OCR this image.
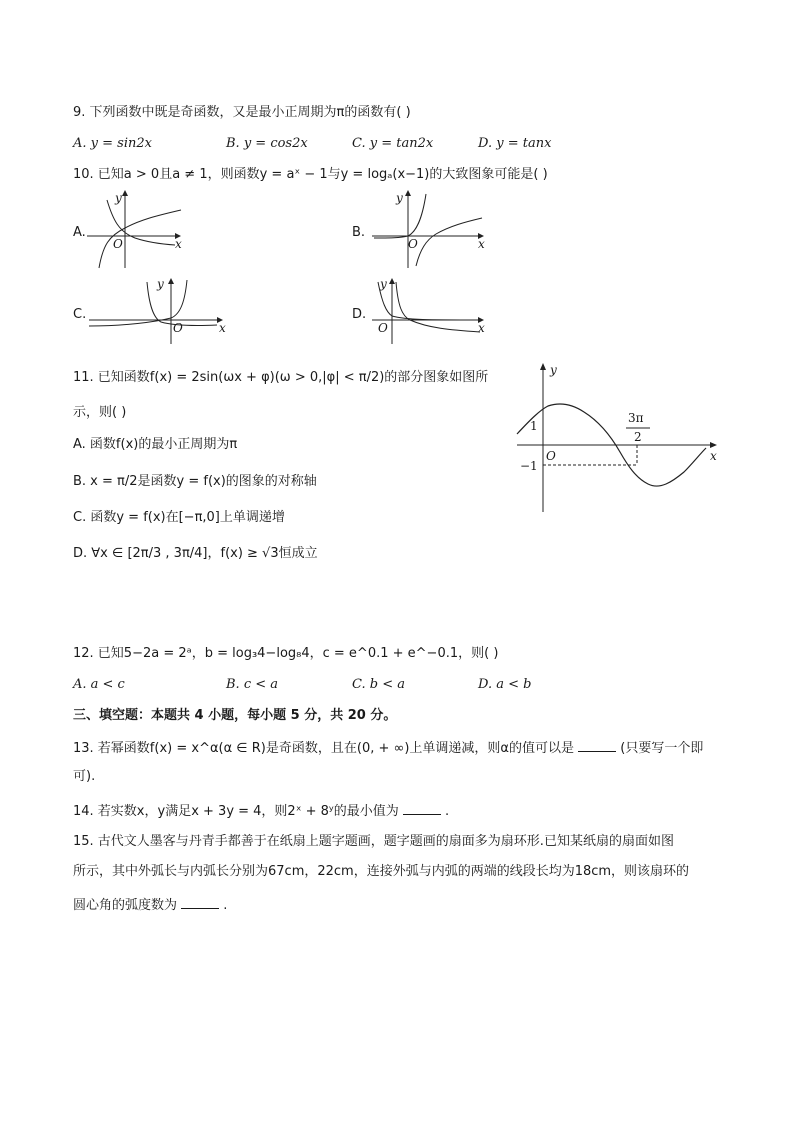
9. 下列函数中既是奇函数，又是最小正周期为π的函数有( )
A. y = sin2x	B. y = cos2x	C. y = tan2x	D. y = tanx
10. 已知a > 0且a ≠ 1，则函数y = aˣ − 1与y = logₐ(x−1)的大致图象可能是( )
A.
y
O	x
B.
y
O	x
C.
y
O	x
D.
y
O	x
11. 已知函数f(x) = 2sin(ωx + φ)(ω > 0,|φ| < π/2)的部分图象如图所
示，则( )
A. 函数f(x)的最小正周期为π
B. x = π/2是函数y = f(x)的图象的对称轴
C. 函数y = f(x)在[−π,0]上单调递增
D. ∀x ∈ [2π/3 , 3π/4]，f(x) ≥ √3恒成立
y
x
O
1
−1
3π
2
12. 已知5−2a = 2ᵃ，b = log₃4−log₈4，c = e^0.1 + e^−0.1，则( )
A. a < c	B. c < a	C. b < a	D. a < b
三、填空题：本题共 4 小题，每小题 5 分，共 20 分。
13. 若幂函数f(x) = x^α(α ∈ R)是奇函数，且在(0, + ∞)上单调递减，则α的值可以是	(只要写一个即
可).
14. 若实数x，y满足x + 3y = 4，则2ˣ + 8ʸ的最小值为	.
15. 古代文人墨客与丹青手都善于在纸扇上题字题画，题字题画的扇面多为扇环形.已知某纸扇的扇面如图
所示，其中外弧长与内弧长分别为67cm，22cm，连接外弧与内弧的两端的线段长均为18cm，则该扇环的
圆心角的弧度数为	.
